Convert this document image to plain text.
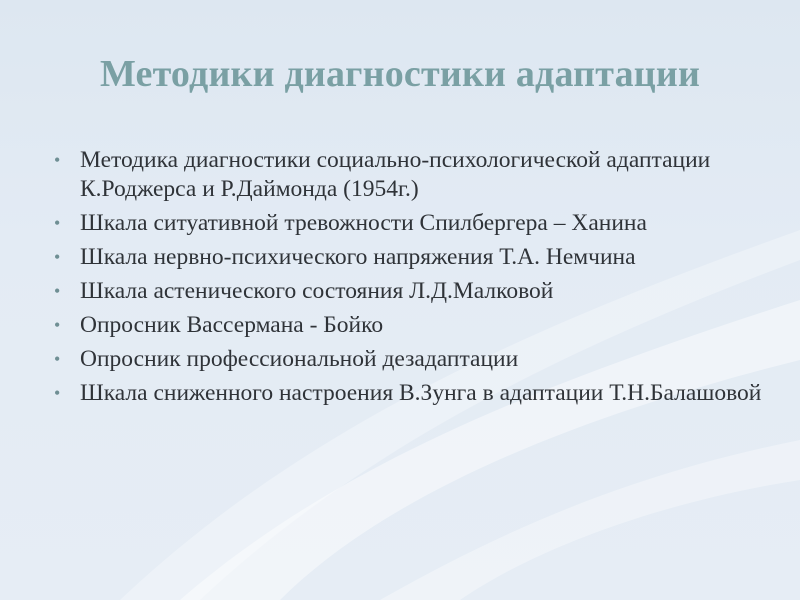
Методики диагностики адаптации
• Методика диагностики социально-психологической адаптации К.Роджерса и Р.Даймонда (1954г.)
• Шкала ситуативной тревожности Спилбергера – Ханина
• Шкала нервно-психического напряжения Т.А. Немчина
• Шкала астенического состояния Л.Д.Малковой
• Опросник Вассермана - Бойко
• Опросник профессиональной дезадаптации
• Шкала сниженного настроения В.Зунга в адаптации Т.Н.Балашовой
